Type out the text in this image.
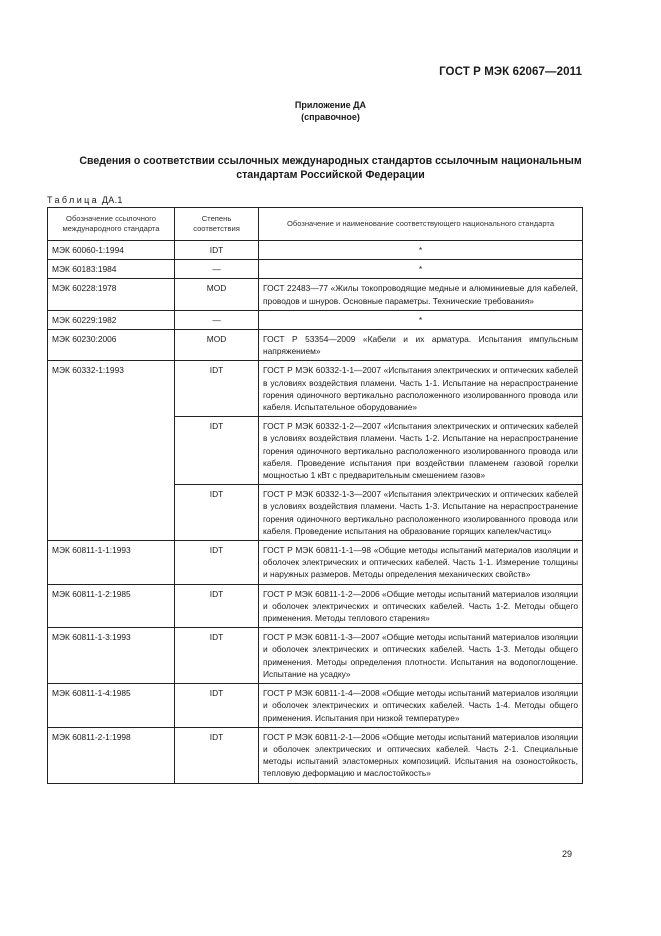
ГОСТ Р МЭК 62067—2011
Приложение ДА
(справочное)
Сведения о соответствии ссылочных международных стандартов ссылочным национальным
стандартам Российской Федерации
Таблица ДА.1
Обозначение ссылочного международного стандарта	Степень соответствия	Обозначение и наименование соответствующего национального стандарта
МЭК 60060-1:1994	IDT	*
МЭК 60183:1984	—	*
МЭК 60228:1978	MOD	ГОСТ 22483—77 «Жилы токопроводящие медные и алюминиевые для кабелей, проводов и шнуров. Основные параметры. Технические требования»
МЭК 60229:1982	—	*
МЭК 60230:2006	MOD	ГОСТ Р 53354—2009 «Кабели и их арматура. Испытания импульсным напряжением»
МЭК 60332-1:1993	IDT	ГОСТ Р МЭК 60332-1-1—2007 «Испытания электрических и оптических кабелей в условиях воздействия пламени. Часть 1-1. Испытание на нераспространение горения одиночного вертикально расположенного изолированного провода или кабеля. Испытательное оборудование»
	IDT	ГОСТ Р МЭК 60332-1-2—2007 «Испытания электрических и оптических кабелей в условиях воздействия пламени. Часть 1-2. Испытание на нераспространение горения одиночного вертикально расположенного изолированного провода или кабеля. Проведение испытания при воздействии пламенем газовой горелки мощностью 1 кВт с предварительным смешением газов»
	IDT	ГОСТ Р МЭК 60332-1-3—2007 «Испытания электрических и оптических кабелей в условиях воздействия пламени. Часть 1-3. Испытание на нераспространение горения одиночного вертикально расположенного изолированного провода или кабеля. Проведение испытания на образование горящих капелек/частиц»
МЭК 60811-1-1:1993	IDT	ГОСТ Р МЭК 60811-1-1—98 «Общие методы испытаний материалов изоляции и оболочек электрических и оптических кабелей. Часть 1-1. Измерение толщины и наружных размеров. Методы определения механических свойств»
МЭК 60811-1-2:1985	IDT	ГОСТ Р МЭК 60811-1-2—2006 «Общие методы испытаний материалов изоляции и оболочек электрических и оптических кабелей. Часть 1-2. Методы общего применения. Методы теплового старения»
МЭК 60811-1-3:1993	IDT	ГОСТ Р МЭК 60811-1-3—2007 «Общие методы испытаний материалов изоляции и оболочек электрических и оптических кабелей. Часть 1-3. Методы общего применения. Методы определения плотности. Испытания на водопоглощение. Испытание на усадку»
МЭК 60811-1-4:1985	IDT	ГОСТ Р МЭК 60811-1-4—2008 «Общие методы испытаний материалов изоляции и оболочек электрических и оптических кабелей. Часть 1-4. Методы общего применения. Испытания при низкой температуре»
МЭК 60811-2-1:1998	IDT	ГОСТ Р МЭК 60811-2-1—2006 «Общие методы испытаний материалов изоляции и оболочек электрических и оптических кабелей. Часть 2-1. Специальные методы испытаний эластомерных композиций. Испытания на озоностойкость, тепловую деформацию и маслостойкость»
29
